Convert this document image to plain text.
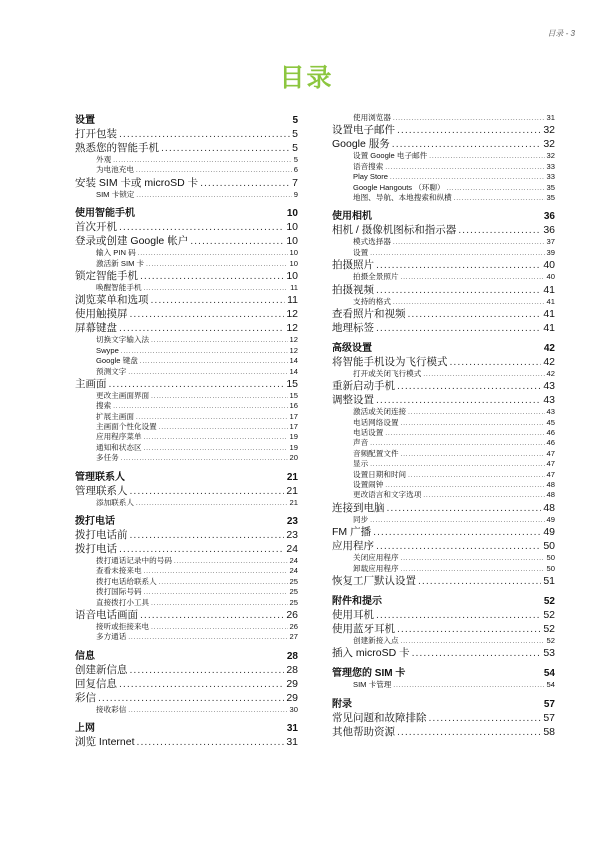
目录 - 3
目录
设置	5
打开包装 .....	5
熟悉您的智能手机 .....	5
外观 .....	5
为电池充电 .....	6
安装 SIM 卡或 microSD 卡 .....	7
SIM 卡锁定 .....	9
使用智能手机	10
首次开机 .....	10
登录或创建 Google 帐户 .....	10
输入 PIN 码 .....	10
激活新 SIM 卡 .....	10
锁定智能手机 .....	10
唤醒智能手机 .....	11
浏览菜单和选项 .....	11
使用触摸屏 .....	12
屏幕键盘 .....	12
切换文字输入法 .....	12
Swype .....	12
Google 键盘 .....	14
预测文字 .....	14
主画面 .....	15
更改主画面界面 .....	15
搜索 .....	16
扩展主画面 .....	17
主画面个性化设置 .....	17
应用程序菜单 .....	19
通知和状态区 .....	19
多任务 .....	20
管理联系人	21
管理联系人 .....	21
添加联系人 .....	21
拨打电话	23
拨打电话前 .....	23
拨打电话 .....	24
拨打通话记录中的号码 .....	24
查看未接来电 .....	24
拨打电话给联系人 .....	25
拨打国际号码 .....	25
直接拨打小工具 .....	25
语音电话画面 .....	26
接听或拒接来电 .....	26
多方通话 .....	27
信息	28
创建新信息 .....	28
回复信息 .....	29
彩信 .....	29
接收彩信 .....	30
上网	31
浏览 Internet .....	31
使用浏览器 .....	31
设置电子邮件 .....	32
Google 服务 .....	32
设置 Google 电子邮件 .....	32
语音搜索 .....	33
Play Store .....	33
Google Hangouts （环聊） .....	35
地图、导航、本地搜索和纵横 .....	35
使用相机	36
相机 / 摄像机图标和指示器 .....	36
模式选择器 .....	37
设置 .....	39
拍摄照片 .....	40
拍摄全景照片 .....	40
拍摄视频 .....	41
支持的格式 .....	41
查看照片和视频 .....	41
地理标签 .....	41
高级设置	42
将智能手机设为飞行模式 .....	42
打开或关闭飞行模式 .....	42
重新启动手机 .....	43
调整设置 .....	43
激活或关闭连接 .....	43
电话网络设置 .....	45
电话设置 .....	46
声音 .....	46
音频配置文件 .....	47
显示 .....	47
设置日期和时间 .....	47
设置闹钟 .....	48
更改语言和文字选项 .....	48
连接到电脑 .....	48
同步 .....	49
FM 广播 .....	49
应用程序 .....	50
关闭应用程序 .....	50
卸载应用程序 .....	50
恢复工厂默认设置 .....	51
附件和提示	52
使用耳机 .....	52
使用蓝牙耳机 .....	52
创建新接入点 .....	52
插入 microSD 卡 .....	53
管理您的 SIM 卡	54
SIM 卡管理 .....	54
附录	57
常见问题和故障排除 .....	57
其他帮助资源 .....	58
